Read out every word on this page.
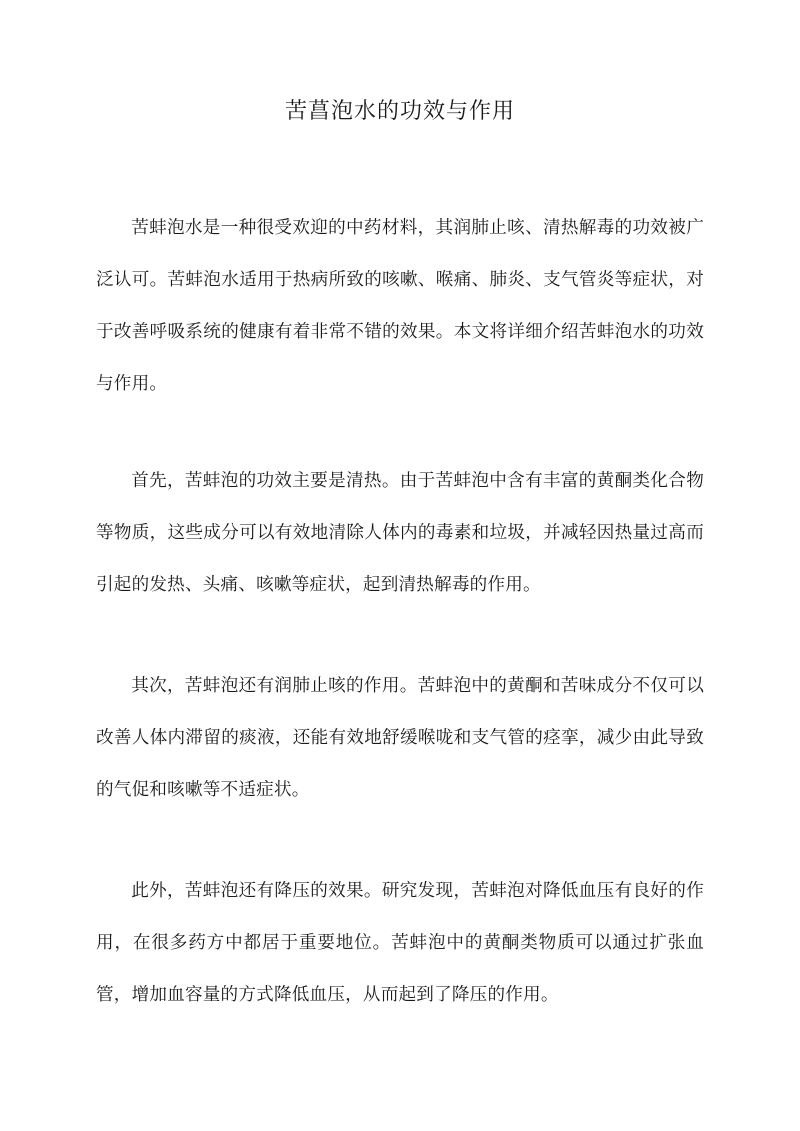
苦菖泡水的功效与作用

苦蚌泡水是一种很受欢迎的中药材料，其润肺止咳、清热解毒的功效被广泛认可。苦蚌泡水适用于热病所致的咳嗽、喉痛、肺炎、支气管炎等症状，对于改善呼吸系统的健康有着非常不错的效果。本文将详细介绍苦蚌泡水的功效与作用。

首先，苦蚌泡的功效主要是清热。由于苦蚌泡中含有丰富的黄酮类化合物等物质，这些成分可以有效地清除人体内的毒素和垃圾，并减轻因热量过高而引起的发热、头痛、咳嗽等症状，起到清热解毒的作用。

其次，苦蚌泡还有润肺止咳的作用。苦蚌泡中的黄酮和苦味成分不仅可以改善人体内滞留的痰液，还能有效地舒缓喉咙和支气管的痉挛，减少由此导致的气促和咳嗽等不适症状。

此外，苦蚌泡还有降压的效果。研究发现，苦蚌泡对降低血压有良好的作用，在很多药方中都居于重要地位。苦蚌泡中的黄酮类物质可以通过扩张血管，增加血容量的方式降低血压，从而起到了降压的作用。
